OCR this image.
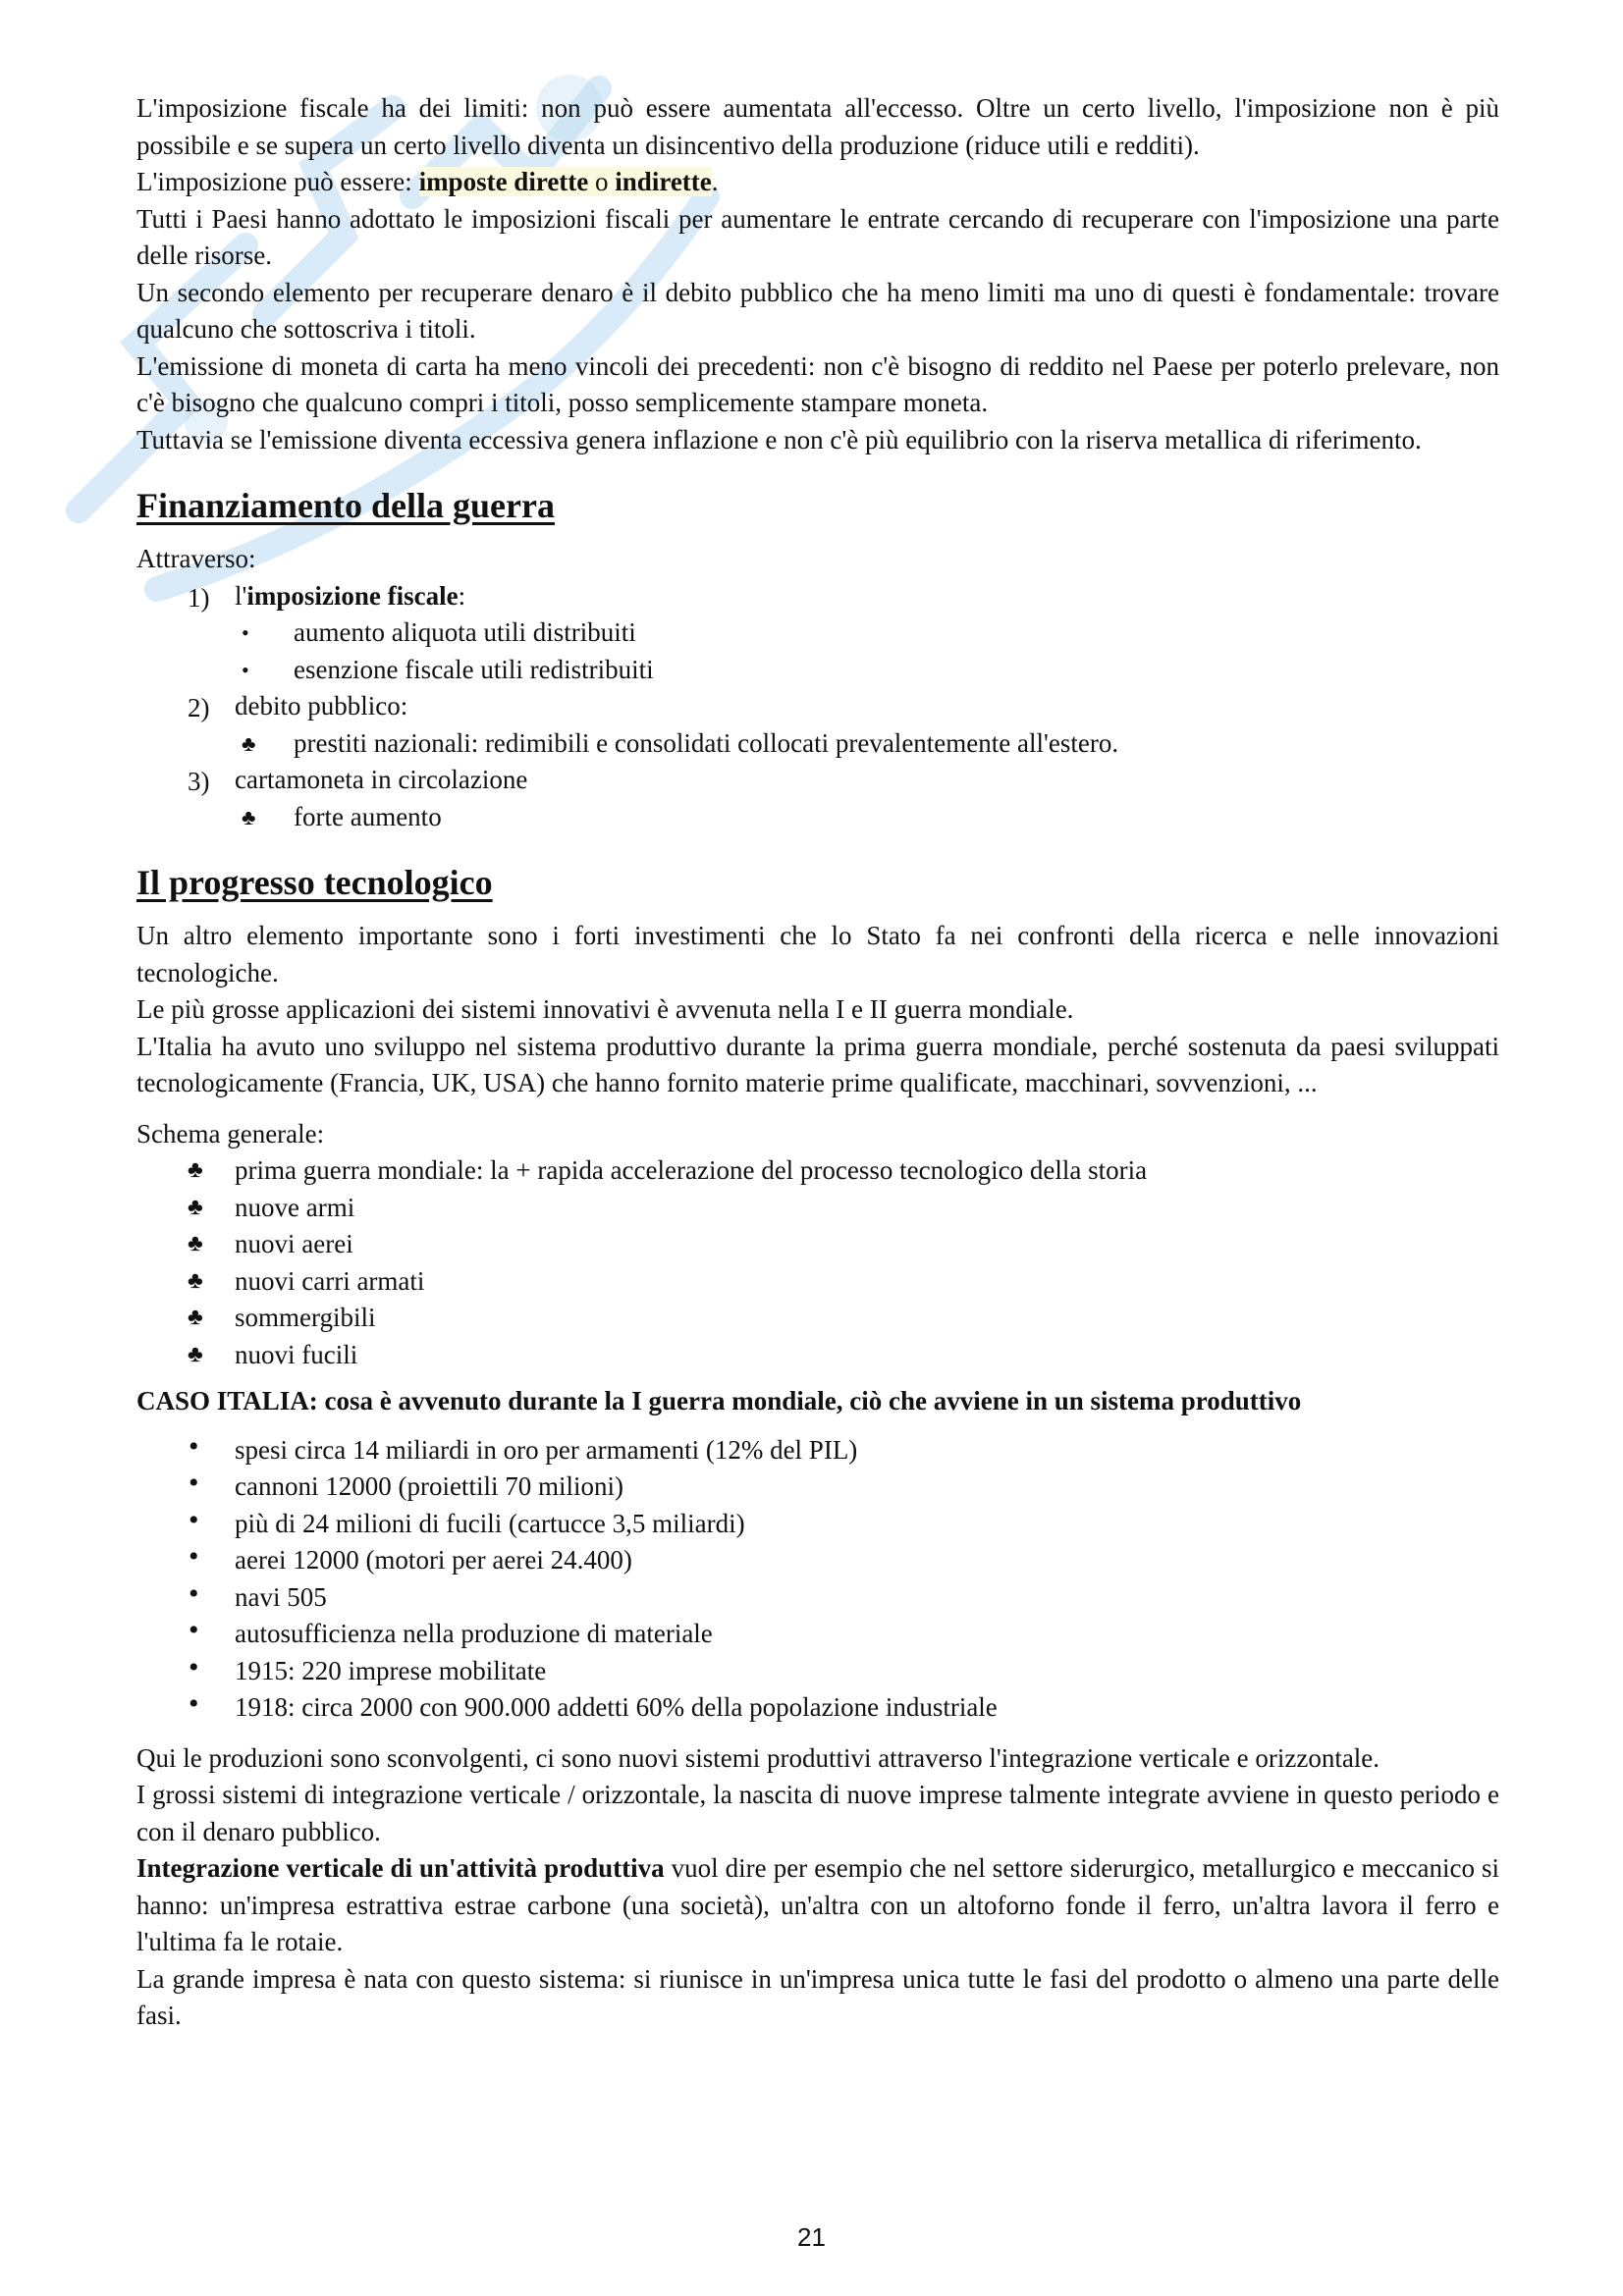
L'imposizione fiscale ha dei limiti: non può essere aumentata all'eccesso. Oltre un certo livello, l'imposizione non è più possibile e se supera un certo livello diventa un disincentivo della produzione (riduce utili e redditi).

L'imposizione può essere: imposte dirette o indirette.

Tutti i Paesi hanno adottato le imposizioni fiscali per aumentare le entrate cercando di recuperare con l'imposizione una parte delle risorse.

Un secondo elemento per recuperare denaro è il debito pubblico che ha meno limiti ma uno di questi è fondamentale: trovare qualcuno che sottoscriva i titoli.

L'emissione di moneta di carta ha meno vincoli dei precedenti: non c'è bisogno di reddito nel Paese per poterlo prelevare, non c'è bisogno che qualcuno compri i titoli, posso semplicemente stampare moneta.

Tuttavia se l'emissione diventa eccessiva genera inflazione e non c'è più equilibrio con la riserva metallica di riferimento.

Finanziamento della guerra

Attraverso:

1) l'imposizione fiscale:
• aumento aliquota utili distribuiti
• esenzione fiscale utili redistribuiti
2) debito pubblico:
♣ prestiti nazionali: redimibili e consolidati collocati prevalentemente all'estero.
3) cartamoneta in circolazione
♣ forte aumento
Il progresso tecnologico

Un altro elemento importante sono i forti investimenti che lo Stato fa nei confronti della ricerca e nelle innovazioni tecnologiche.

Le più grosse applicazioni dei sistemi innovativi è avvenuta nella I e II guerra mondiale.

L'Italia ha avuto uno sviluppo nel sistema produttivo durante la prima guerra mondiale, perché sostenuta da paesi sviluppati tecnologicamente (Francia, UK, USA) che hanno fornito materie prime qualificate, macchinari, sovvenzioni, ...

Schema generale:

♣ prima guerra mondiale: la + rapida accelerazione del processo tecnologico della storia
♣ nuove armi
♣ nuovi aerei
♣ nuovi carri armati
♣ sommergibili
♣ nuovi fucili

CASO ITALIA: cosa è avvenuto durante la I guerra mondiale, ciò che avviene in un sistema produttivo

• spesi circa 14 miliardi in oro per armamenti (12% del PIL)
• cannoni 12000 (proiettili 70 milioni)
• più di 24 milioni di fucili (cartucce 3,5 miliardi)
• aerei 12000 (motori per aerei 24.400)
• navi 505
• autosufficienza nella produzione di materiale
• 1915: 220 imprese mobilitate
• 1918: circa 2000 con 900.000 addetti 60% della popolazione industriale

Qui le produzioni sono sconvolgenti, ci sono nuovi sistemi produttivi attraverso l'integrazione verticale e orizzontale.

I grossi sistemi di integrazione verticale / orizzontale, la nascita di nuove imprese talmente integrate avviene in questo periodo e con il denaro pubblico.

Integrazione verticale di un'attività produttiva vuol dire per esempio che nel settore siderurgico, metallurgico e meccanico si hanno: un'impresa estrattiva estrae carbone (una società), un'altra con un altoforno fonde il ferro, un'altra lavora il ferro e l'ultima fa le rotaie.

La grande impresa è nata con questo sistema: si riunisce in un'impresa unica tutte le fasi del prodotto o almeno una parte delle fasi.

21
